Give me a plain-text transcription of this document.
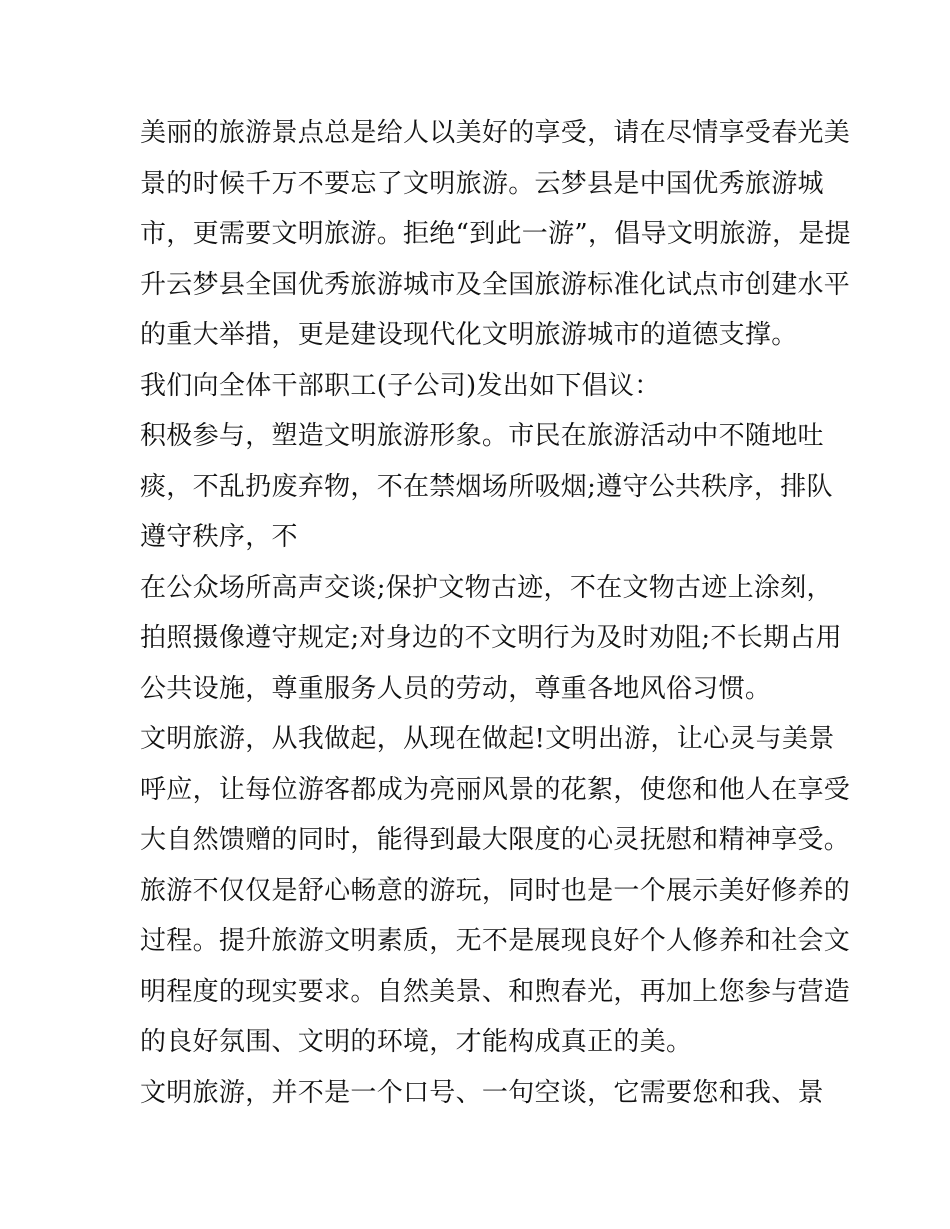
美丽的旅游景点总是给人以美好的享受，请在尽情享受春光美
景的时候千万不要忘了文明旅游。云梦县是中国优秀旅游城
市，更需要文明旅游。拒绝“到此一游”，倡导文明旅游，是提
升云梦县全国优秀旅游城市及全国旅游标准化试点市创建水平
的重大举措，更是建设现代化文明旅游城市的道德支撑。
我们向全体干部职工(子公司)发出如下倡议：
积极参与，塑造文明旅游形象。市民在旅游活动中不随地吐
痰，不乱扔废弃物，不在禁烟场所吸烟;遵守公共秩序，排队
遵守秩序，不
在公众场所高声交谈;保护文物古迹，不在文物古迹上涂刻，
拍照摄像遵守规定;对身边的不文明行为及时劝阻;不长期占用
公共设施，尊重服务人员的劳动，尊重各地风俗习惯。
文明旅游，从我做起，从现在做起!文明出游，让心灵与美景
呼应，让每位游客都成为亮丽风景的花絮，使您和他人在享受
大自然馈赠的同时，能得到最大限度的心灵抚慰和精神享受。
旅游不仅仅是舒心畅意的游玩，同时也是一个展示美好修养的
过程。提升旅游文明素质，无不是展现良好个人修养和社会文
明程度的现实要求。自然美景、和煦春光，再加上您参与营造
的良好氛围、文明的环境，才能构成真正的美。
文明旅游，并不是一个口号、一句空谈，它需要您和我、景
